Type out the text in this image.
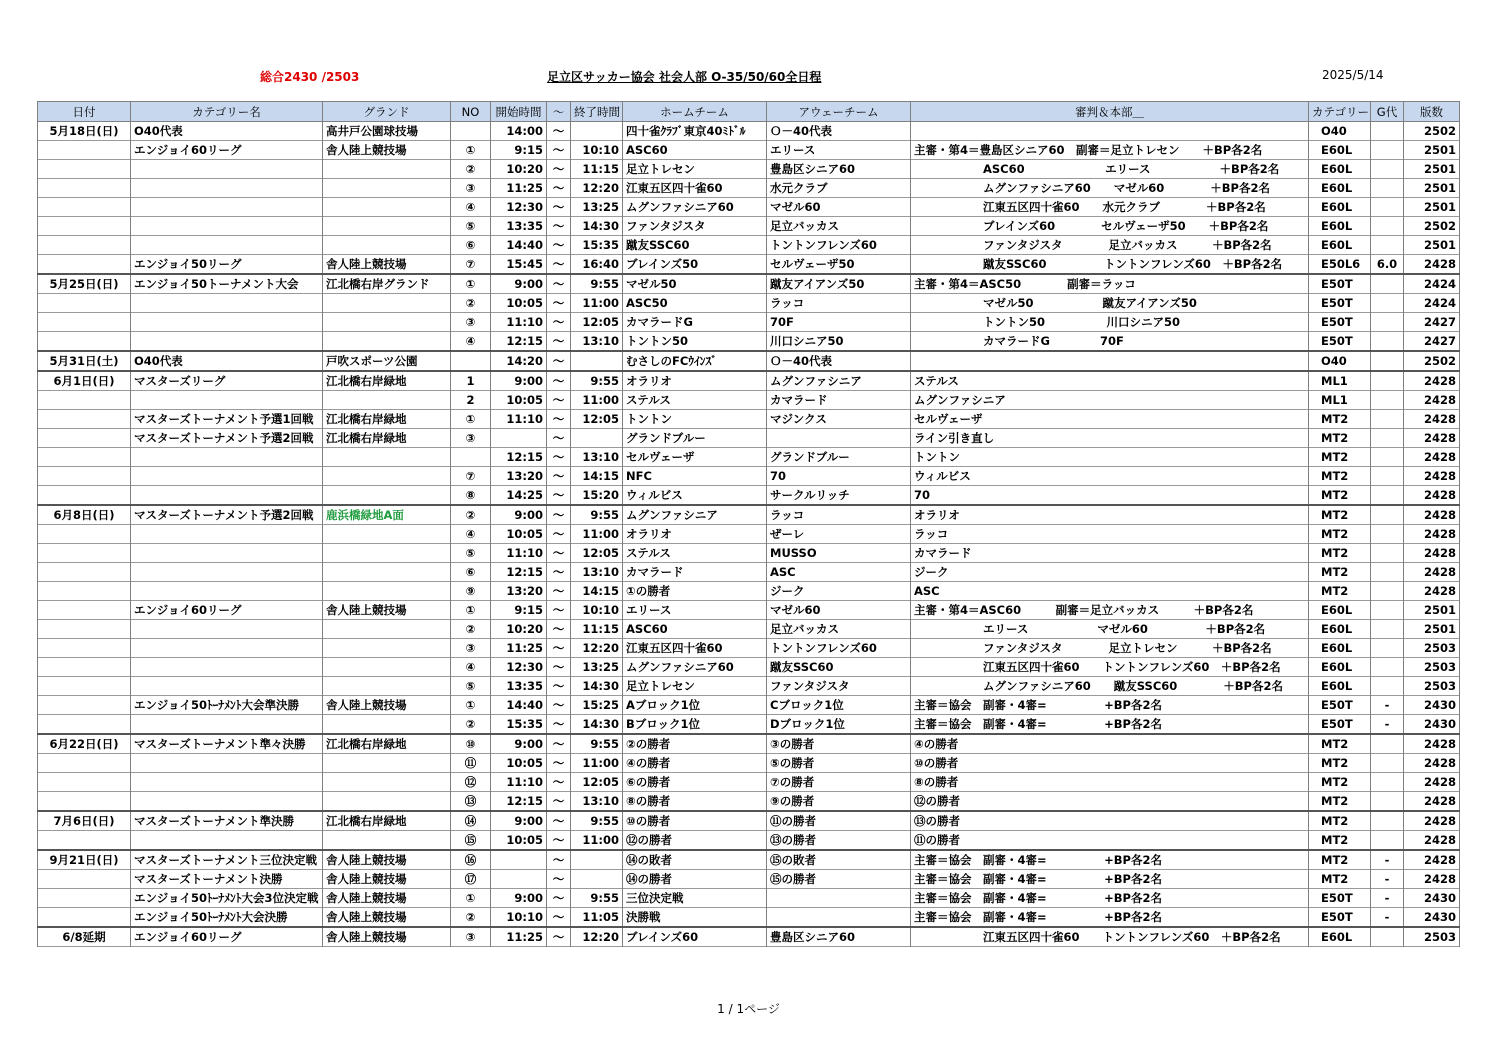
総合2430 /2503	足立区サッカー協会 社会人部 O-35/50/60全日程	2025/5/14
日付	カテゴリー名	グランド	NO	開始時間	～	終了時間	ホームチーム	アウェーチーム	審判＆本部＿	カテゴリー	G代	版数
5月18日(日)	O40代表	高井戸公園球技場		14:00	～		四十雀ｸﾗﾌﾞ東京40ﾐﾄﾞﾙ	Ｏ－40代表		O40		2502
	エンジョイ60リーグ	舎人陸上競技場	①	9:15	～	10:10	ASC60	エリース	主審・第4＝豊島区シニア60　副審＝足立トレセン　　＋BP各2名	E60L		2501
			②	10:20	～	11:15	足立トレセン	豊島区シニア60	　　　　　　ASC60　　　　　　　エリース　　　　　　＋BP各2名	E60L		2501
			③	11:25	～	12:20	江東五区四十雀60	水元クラブ	　　　　　　ムグンファシニア60　　マゼル60　　　　＋BP各2名	E60L		2501
			④	12:30	～	13:25	ムグンファシニア60	マゼル60	　　　　　　江東五区四十雀60　　水元クラブ　　　　＋BP各2名	E60L		2501
			⑤	13:35	～	14:30	ファンタジスタ	足立バッカス	　　　　　　ブレインズ60　　　　セルヴェーザ50　　＋BP各2名	E60L		2502
			⑥	14:40	～	15:35	蹴友SSC60	トントンフレンズ60	　　　　　　ファンタジスタ　　　　足立バッカス　　　＋BP各2名	E60L		2501
	エンジョイ50リーグ	舎人陸上競技場	⑦	15:45	～	16:40	ブレインズ50	セルヴェーザ50	　　　　　　蹴友SSC60　　　　　トントンフレンズ60　＋BP各2名	E50L6	6.0	2428
5月25日(日)	エンジョイ50トーナメント大会	江北橋右岸グランド	①	9:00	～	9:55	マゼル50	蹴友アイアンズ50	主審・第4＝ASC50　　　　副審＝ラッコ	E50T		2424
			②	10:05	～	11:00	ASC50	ラッコ	　　　　　　マゼル50　　　　　　蹴友アイアンズ50	E50T		2424
			③	11:10	～	12:05	カマラードG	70F	　　　　　　トントン50　　　　　 川口シニア50	E50T		2427
			④	12:15	～	13:10	トントン50	川口シニア50	　　　　　　カマラードG　　　　 70F	E50T		2427
5月31日(土)	O40代表	戸吹スポーツ公園		14:20	～		むさしのFCｳｲﾝｽﾞ	Ｏ－40代表		O40		2502
6月1日(日)	マスターズリーグ	江北橋右岸緑地	1	9:00	～	9:55	オラリオ	ムグンファシニア	ステルス	ML1		2428
			2	10:05	～	11:00	ステルス	カマラード	ムグンファシニア	ML1		2428
	マスターズトーナメント予選1回戦	江北橋右岸緑地	①	11:10	～	12:05	トントン	マジンクス	セルヴェーザ	MT2		2428
	マスターズトーナメント予選2回戦	江北橋右岸緑地	③		～		グランドブルー		ライン引き直し	MT2		2428
				12:15	～	13:10	セルヴェーザ	グランドブルー	トントン	MT2		2428
			⑦	13:20	～	14:15	NFC	70	ウィルビス	MT2		2428
			⑧	14:25	～	15:20	ウィルビス	サークルリッチ	70	MT2		2428
6月8日(日)	マスターズトーナメント予選2回戦	鹿浜橋緑地A面	②	9:00	～	9:55	ムグンファシニア	ラッコ	オラリオ	MT2		2428
			④	10:05	～	11:00	オラリオ	ぜーレ	ラッコ	MT2		2428
			⑤	11:10	～	12:05	ステルス	MUSSO	カマラード	MT2		2428
			⑥	12:15	～	13:10	カマラード	ASC	ジーク	MT2		2428
			⑨	13:20	～	14:15	①の勝者	ジーク	ASC	MT2		2428
	エンジョイ60リーグ	舎人陸上競技場	①	9:15	～	10:10	エリース	マゼル60	主審・第4＝ASC60　　　副審＝足立バッカス　　　＋BP各2名	E60L		2501
			②	10:20	～	11:15	ASC60	足立バッカス	　　　　　　エリース　　　　　　マゼル60　　　　　＋BP各2名	E60L		2501
			③	11:25	～	12:20	江東五区四十雀60	トントンフレンズ60	　　　　　　ファンタジスタ　　　　足立トレセン　　　＋BP各2名	E60L		2503
			④	12:30	～	13:25	ムグンファシニア60	蹴友SSC60	　　　　　　江東五区四十雀60　　トントンフレンズ60　＋BP各2名	E60L		2503
			⑤	13:35	～	14:30	足立トレセン	ファンタジスタ	　　　　　　ムグンファシニア60　　蹴友SSC60　　　　＋BP各2名	E60L		2503
	エンジョイ50ﾄｰﾅﾒﾝﾄ大会準決勝	舎人陸上競技場	①	14:40	～	15:25	Aブロック1位	Cブロック1位	主審＝協会　副審・4審=　　　　　+BP各2名	E50T	-	2430
			②	15:35	～	14:30	Bブロック1位	Dブロック1位	主審＝協会　副審・4審=　　　　　+BP各2名	E50T	-	2430
6月22日(日)	マスターズトーナメント準々決勝	江北橋右岸緑地	⑩	9:00	～	9:55	②の勝者	③の勝者	④の勝者	MT2		2428
			⑪	10:05	～	11:00	④の勝者	⑤の勝者	⑩の勝者	MT2		2428
			⑫	11:10	～	12:05	⑥の勝者	⑦の勝者	⑧の勝者	MT2		2428
			⑬	12:15	～	13:10	⑧の勝者	⑨の勝者	⑫の勝者	MT2		2428
7月6日(日)	マスターズトーナメント準決勝	江北橋右岸緑地	⑭	9:00	～	9:55	⑩の勝者	⑪の勝者	⑬の勝者	MT2		2428
			⑮	10:05	～	11:00	⑫の勝者	⑬の勝者	⑪の勝者	MT2		2428
9月21日(日)	マスターズトーナメント三位決定戦	舎人陸上競技場	⑯		～		⑭の敗者	⑮の敗者	主審＝協会　副審・4審=　　　　　+BP各2名	MT2	-	2428
	マスターズトーナメント決勝	舎人陸上競技場	⑰		～		⑭の勝者	⑮の勝者	主審＝協会　副審・4審=　　　　　+BP各2名	MT2	-	2428
	エンジョイ50ﾄｰﾅﾒﾝﾄ大会3位決定戦	舎人陸上競技場	①	9:00	～	9:55	三位決定戦		主審＝協会　副審・4審=　　　　　+BP各2名	E50T	-	2430
	エンジョイ50ﾄｰﾅﾒﾝﾄ大会決勝	舎人陸上競技場	②	10:10	～	11:05	決勝戦		主審＝協会　副審・4審=　　　　　+BP各2名	E50T	-	2430
6/8延期	エンジョイ60リーグ	舎人陸上競技場	③	11:25	～	12:20	ブレインズ60	豊島区シニア60	　　　　　　江東五区四十雀60　　トントンフレンズ60　＋BP各2名	E60L		2503
1 / 1ページ
